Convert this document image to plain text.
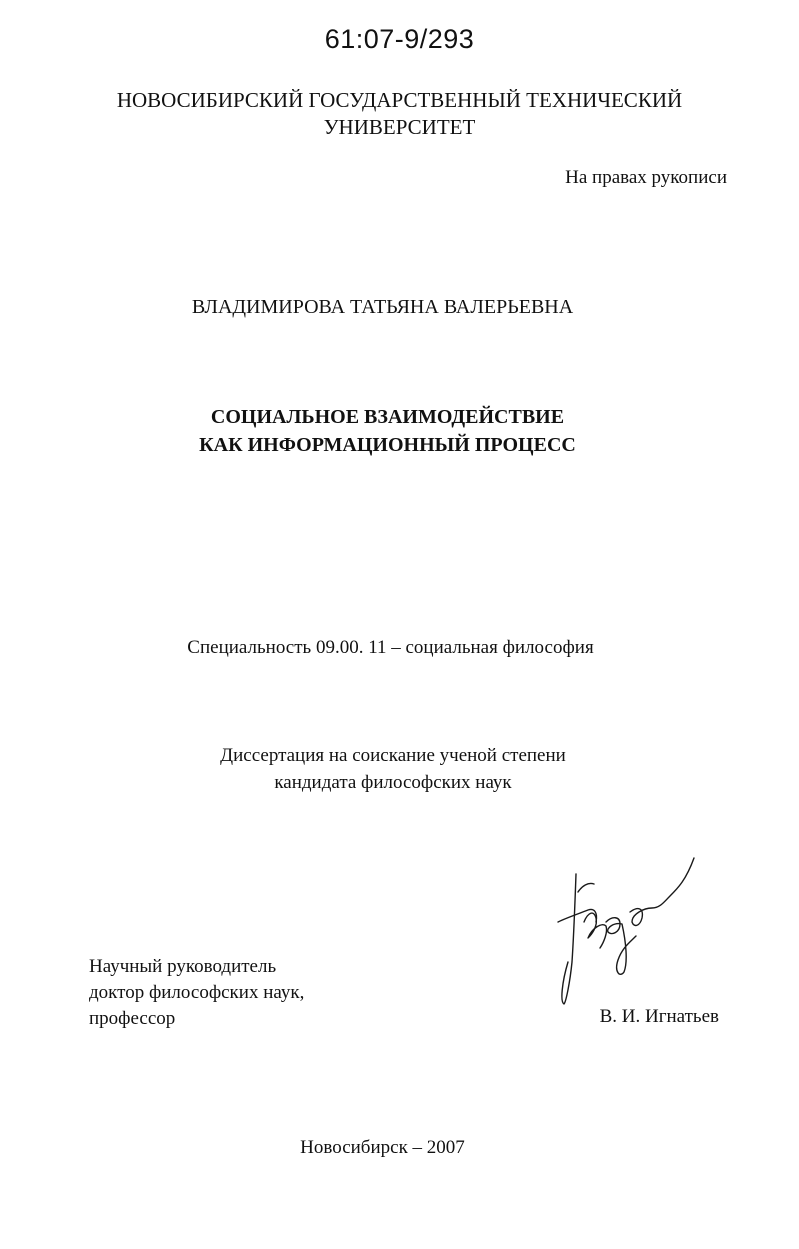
61:07-9/293
НОВОСИБИРСКИЙ ГОСУДАРСТВЕННЫЙ ТЕХНИЧЕСКИЙ
УНИВЕРСИТЕТ
На правах рукописи
ВЛАДИМИРОВА ТАТЬЯНА ВАЛЕРЬЕВНА
СОЦИАЛЬНОЕ ВЗАИМОДЕЙСТВИЕ
КАК ИНФОРМАЦИОННЫЙ ПРОЦЕСС
Специальность 09.00. 11 – социальная философия
Диссертация на соискание ученой степени
кандидата философских наук
Научный руководитель
доктор философских наук,
профессор	В. И. Игнатьев
Новосибирск – 2007
